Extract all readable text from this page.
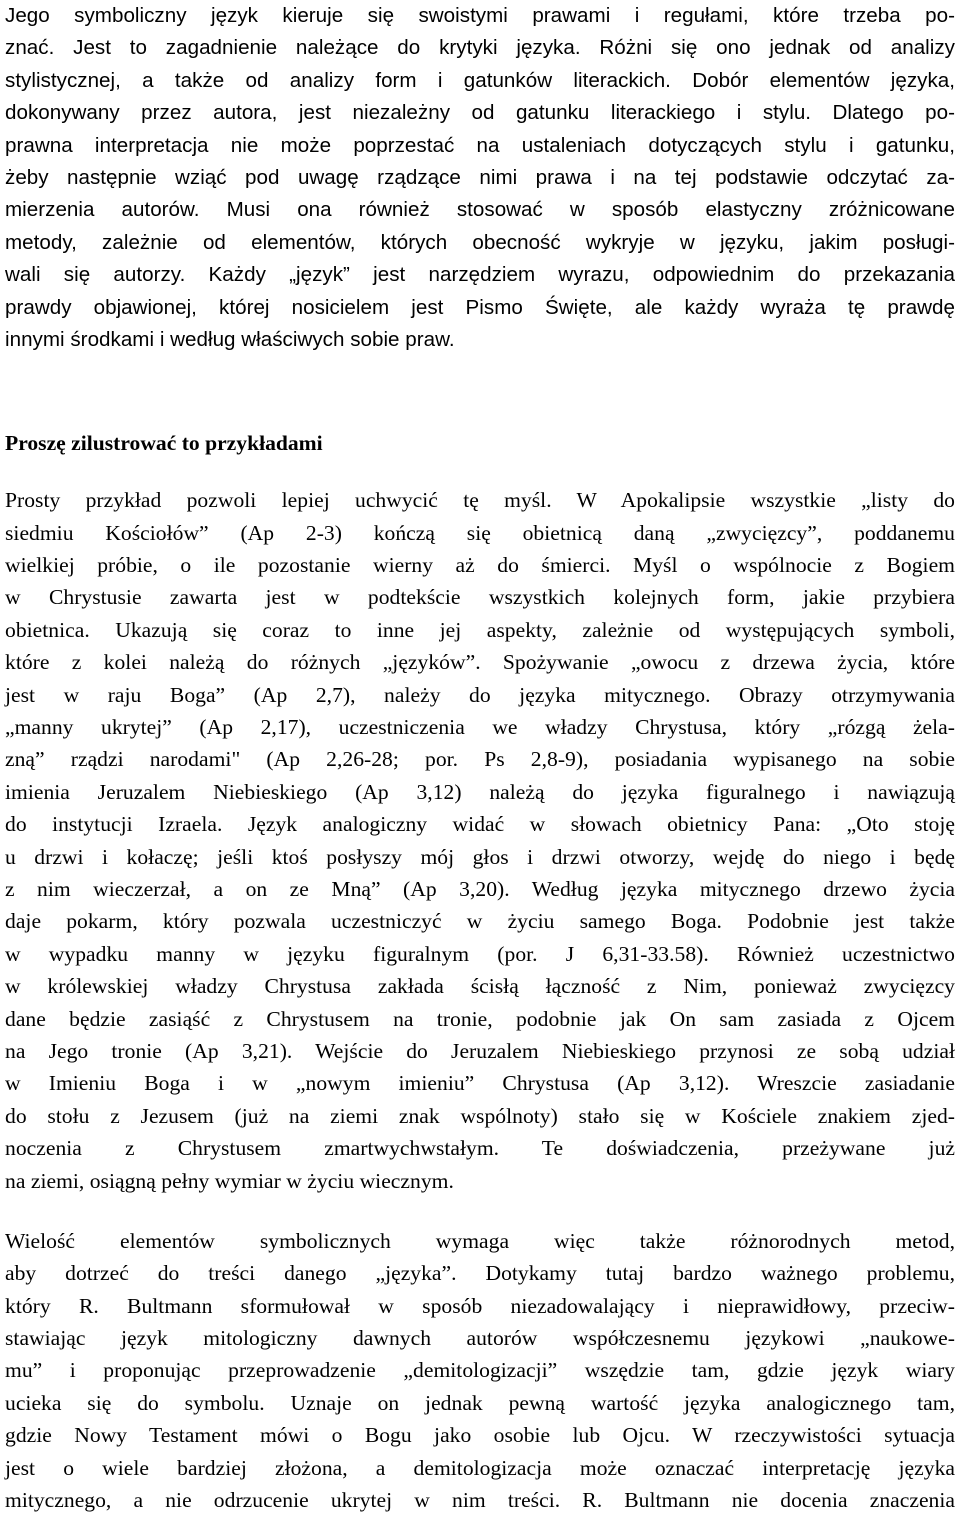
Jego symboliczny język kieruje się swoistymi prawami i regułami, które trzeba po-
znać. Jest to zagadnienie należące do krytyki języka. Różni się ono jednak od analizy
stylistycznej, a także od analizy form i gatunków literackich. Dobór elementów języka,
dokonywany przez autora, jest niezależny od gatunku literackiego i stylu. Dlatego po-
prawna interpretacja nie może poprzestać na ustaleniach dotyczących stylu i gatunku,
żeby następnie wziąć pod uwagę rządzące nimi prawa i na tej podstawie odczytać za-
mierzenia autorów. Musi ona również stosować w sposób elastyczny zróżnicowane
metody, zależnie od elementów, których obecność wykryje w języku, jakim posługi-
wali się autorzy. Każdy „język” jest narzędziem wyrazu, odpowiednim do przekazania
prawdy objawionej, której nosicielem jest Pismo Święte, ale każdy wyraża tę prawdę
innymi środkami i według właściwych sobie praw.
Proszę zilustrować to przykładami
Prosty przykład pozwoli lepiej uchwycić tę myśl. W Apokalipsie wszystkie „listy do
siedmiu Kościołów” (Ap 2-3) kończą się obietnicą daną „zwycięzcy”, poddanemu
wielkiej próbie, o ile pozostanie wierny aż do śmierci. Myśl o wspólnocie z Bogiem
w Chrystusie zawarta jest w podtekście wszystkich kolejnych form, jakie przybiera
obietnica. Ukazują się coraz to inne jej aspekty, zależnie od występujących symboli,
które z kolei należą do różnych „języków”. Spożywanie „owocu z drzewa życia, które
jest w raju Boga” (Ap 2,7), należy do języka mitycznego. Obrazy otrzymywania
„manny ukrytej” (Ap 2,17), uczestniczenia we władzy Chrystusa, który „rózgą żela-
zną” rządzi narodami" (Ap 2,26-28; por. Ps 2,8-9), posiadania wypisanego na sobie
imienia Jeruzalem Niebieskiego (Ap 3,12) należą do języka figuralnego i nawiązują
do instytucji Izraela. Język analogiczny widać w słowach obietnicy Pana: „Oto stoję
u drzwi i kołaczę; jeśli ktoś posłyszy mój głos i drzwi otworzy, wejdę do niego i będę
z nim wieczerzał, a on ze Mną” (Ap 3,20). Według języka mitycznego drzewo życia
daje pokarm, który pozwala uczestniczyć w życiu samego Boga. Podobnie jest także
w wypadku manny w języku figuralnym (por. J 6,31-33.58). Również uczestnictwo
w królewskiej władzy Chrystusa zakłada ścisłą łączność z Nim, ponieważ zwycięzcy
dane będzie zasiąść z Chrystusem na tronie, podobnie jak On sam zasiada z Ojcem
na Jego tronie (Ap 3,21). Wejście do Jeruzalem Niebieskiego przynosi ze sobą udział
w Imieniu Boga i w „nowym imieniu” Chrystusa (Ap 3,12). Wreszcie zasiadanie
do stołu z Jezusem (już na ziemi znak wspólnoty) stało się w Kościele znakiem zjed-
noczenia z Chrystusem zmartwychwstałym. Te doświadczenia, przeżywane już
na ziemi, osiągną pełny wymiar w życiu wiecznym.
Wielość elementów symbolicznych wymaga więc także różnorodnych metod,
aby dotrzeć do treści danego „języka”. Dotykamy tutaj bardzo ważnego problemu,
który R. Bultmann sformułował w sposób niezadowalający i nieprawidłowy, przeciw-
stawiając język mitologiczny dawnych autorów współczesnemu językowi „naukowe-
mu” i proponując przeprowadzenie „demitologizacji” wszędzie tam, gdzie język wiary
ucieka się do symbolu. Uznaje on jednak pewną wartość języka analogicznego tam,
gdzie Nowy Testament mówi o Bogu jako osobie lub Ojcu. W rzeczywistości sytuacja
jest o wiele bardziej złożona, a demitologizacja może oznaczać interpretację języka
mitycznego, a nie odrzucenie ukrytej w nim treści. R. Bultmann nie docenia znaczenia
